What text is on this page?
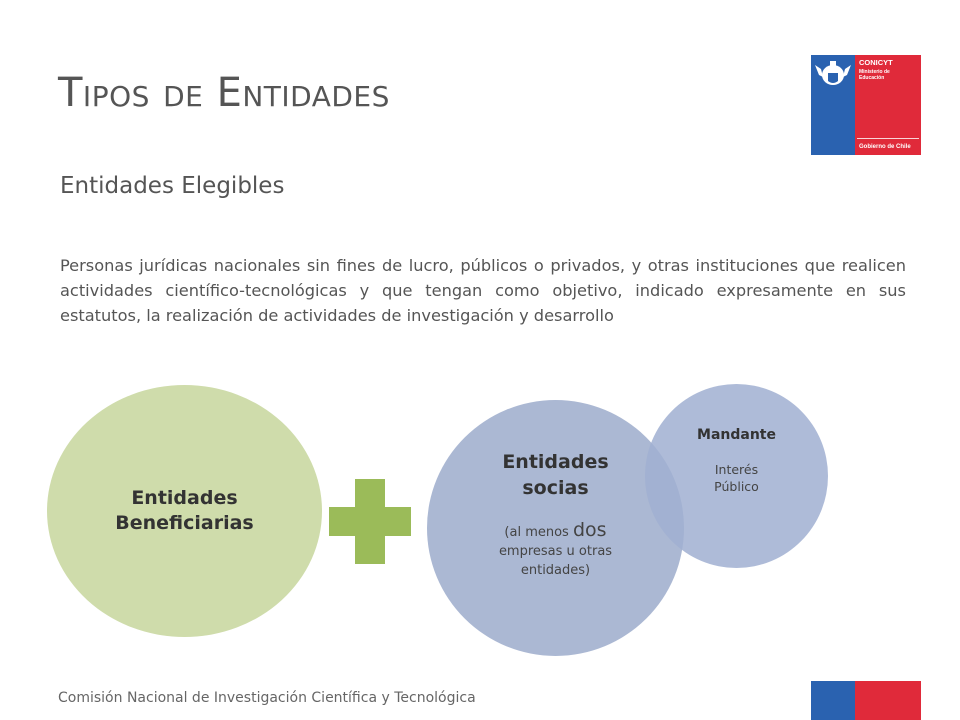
Tipos de Entidades
CONICYT
Ministerio de
Educación
Gobierno de Chile
Entidades Elegibles
Personas jurídicas nacionales sin fines de lucro, públicos o privados, y otras instituciones que realicen actividades científico-tecnológicas y que tengan como objetivo, indicado expresamente en sus estatutos, la realización de actividades de investigación y desarrollo
Entidades
Beneficiarias
Entidades
socias
(al menos dos
empresas u otras
entidades)
Mandante
Interés
Público
Comisión Nacional de Investigación Científica y Tecnológica
